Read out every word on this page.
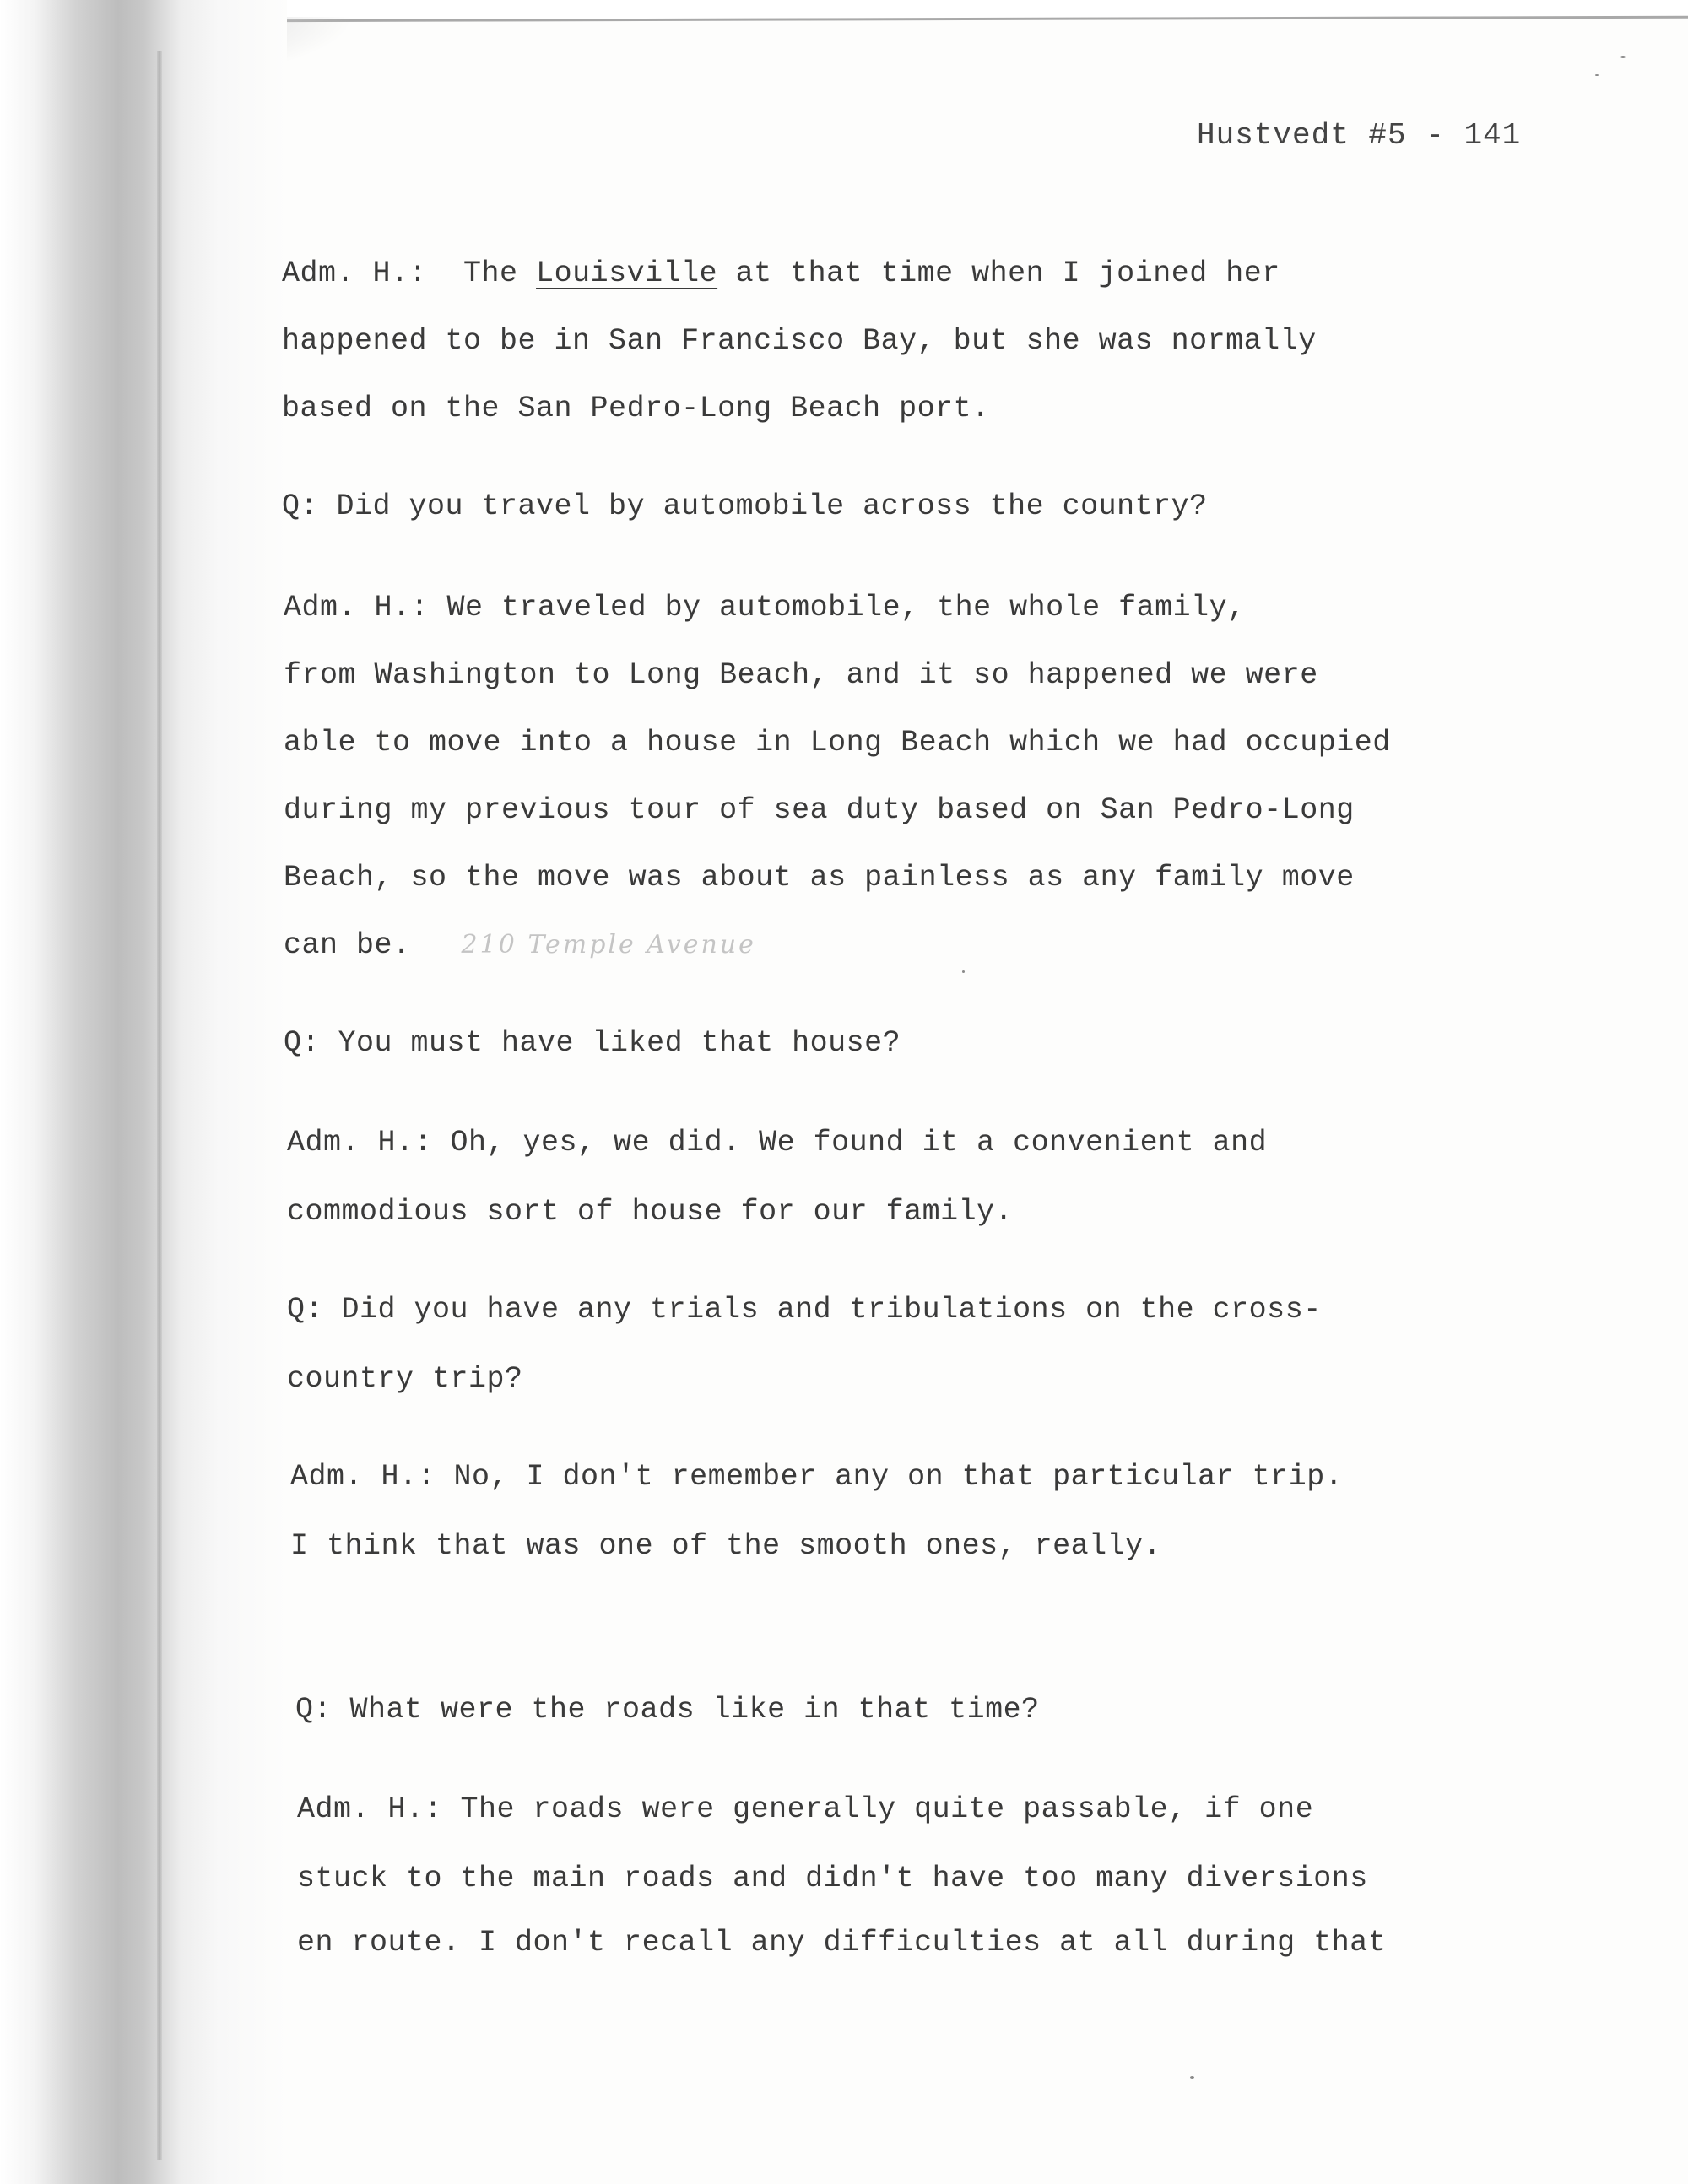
Hustvedt #5 - 141
Adm. H.:  The Louisville at that time when I joined her
happened to be in San Francisco Bay, but she was normally
based on the San Pedro-Long Beach port.
Q: Did you travel by automobile across the country?
Adm. H.: We traveled by automobile, the whole family,
from Washington to Long Beach, and it so happened we were
able to move into a house in Long Beach which we had occupied
during my previous tour of sea duty based on San Pedro-Long
Beach, so the move was about as painless as any family move
can be. 210 Temple Avenue
Q: You must have liked that house?
Adm. H.: Oh, yes, we did. We found it a convenient and
commodious sort of house for our family.
Q: Did you have any trials and tribulations on the cross-
country trip?
Adm. H.: No, I don't remember any on that particular trip.
I think that was one of the smooth ones, really.
Q: What were the roads like in that time?
Adm. H.: The roads were generally quite passable, if one
stuck to the main roads and didn't have too many diversions
en route. I don't recall any difficulties at all during that
